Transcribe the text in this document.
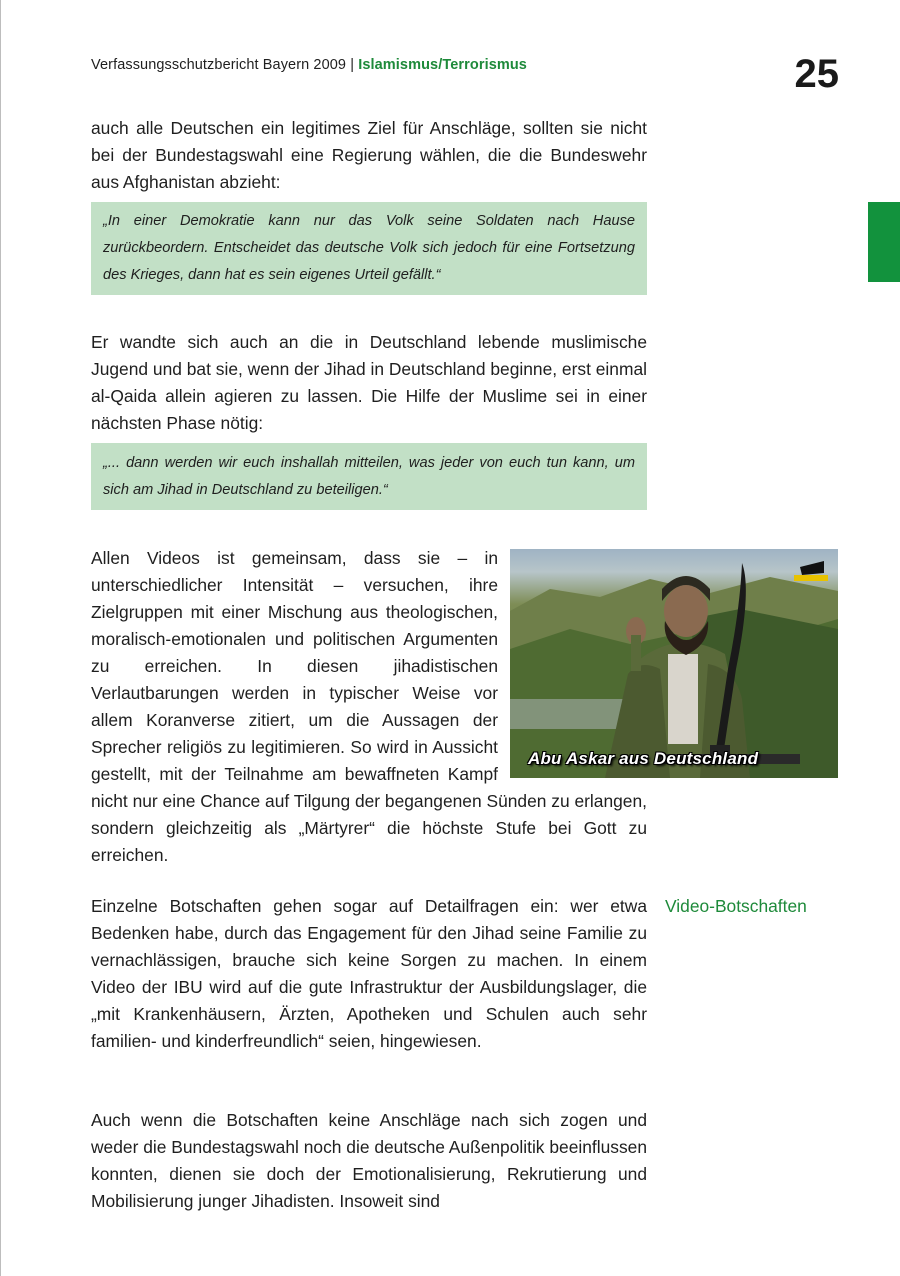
Verfassungsschutzbericht Bayern 2009 | Islamismus/Terrorismus	25
auch alle Deutschen ein legitimes Ziel für Anschläge, sollten sie nicht bei der Bundestagswahl eine Regierung wählen, die die Bundeswehr aus Afghanistan abzieht:
„In einer Demokratie kann nur das Volk seine Soldaten nach Hause zurückbeordern. Entscheidet das deutsche Volk sich jedoch für eine Fortsetzung des Krieges, dann hat es sein eigenes Urteil gefällt.“
Er wandte sich auch an die in Deutschland lebende muslimische Jugend und bat sie, wenn der Jihad in Deutschland beginne, erst einmal al-Qaida allein agieren zu lassen. Die Hilfe der Muslime sei in einer nächsten Phase nötig:
„... dann werden wir euch inshallah mitteilen, was jeder von euch tun kann, um sich am Jihad in Deutschland zu beteiligen.“
Abu Askar aus Deutschland

Allen Videos ist gemeinsam, dass sie – in unterschiedlicher Intensität – versuchen, ihre Zielgruppen mit einer Mischung aus theologischen, moralisch-emotionalen und politischen Argumenten zu erreichen. In diesen jihadistischen Verlautbarungen werden in typischer Weise vor allem Koranverse zitiert, um die Aussagen der Sprecher religiös zu legitimieren. So wird in Aussicht gestellt, mit der Teilnahme am bewaffneten Kampf nicht nur eine Chance auf Tilgung der begangenen Sünden zu erlangen, sondern gleichzeitig als „Märtyrer“ die höchste Stufe bei Gott zu erreichen.

Video-Botschaften
Einzelne Botschaften gehen sogar auf Detailfragen ein: wer etwa Bedenken habe, durch das Engagement für den Jihad seine Familie zu vernachlässigen, brauche sich keine Sorgen zu machen. In einem Video der IBU wird auf die gute Infrastruktur der Ausbildungslager, die „mit Krankenhäusern, Ärzten, Apotheken und Schulen auch sehr familien- und kinderfreundlich“ seien, hingewiesen.
Auch wenn die Botschaften keine Anschläge nach sich zogen und weder die Bundestagswahl noch die deutsche Außenpolitik beeinflussen konnten, dienen sie doch der Emotionalisierung, Rekrutierung und Mobilisierung junger Jihadisten. Insoweit sind
